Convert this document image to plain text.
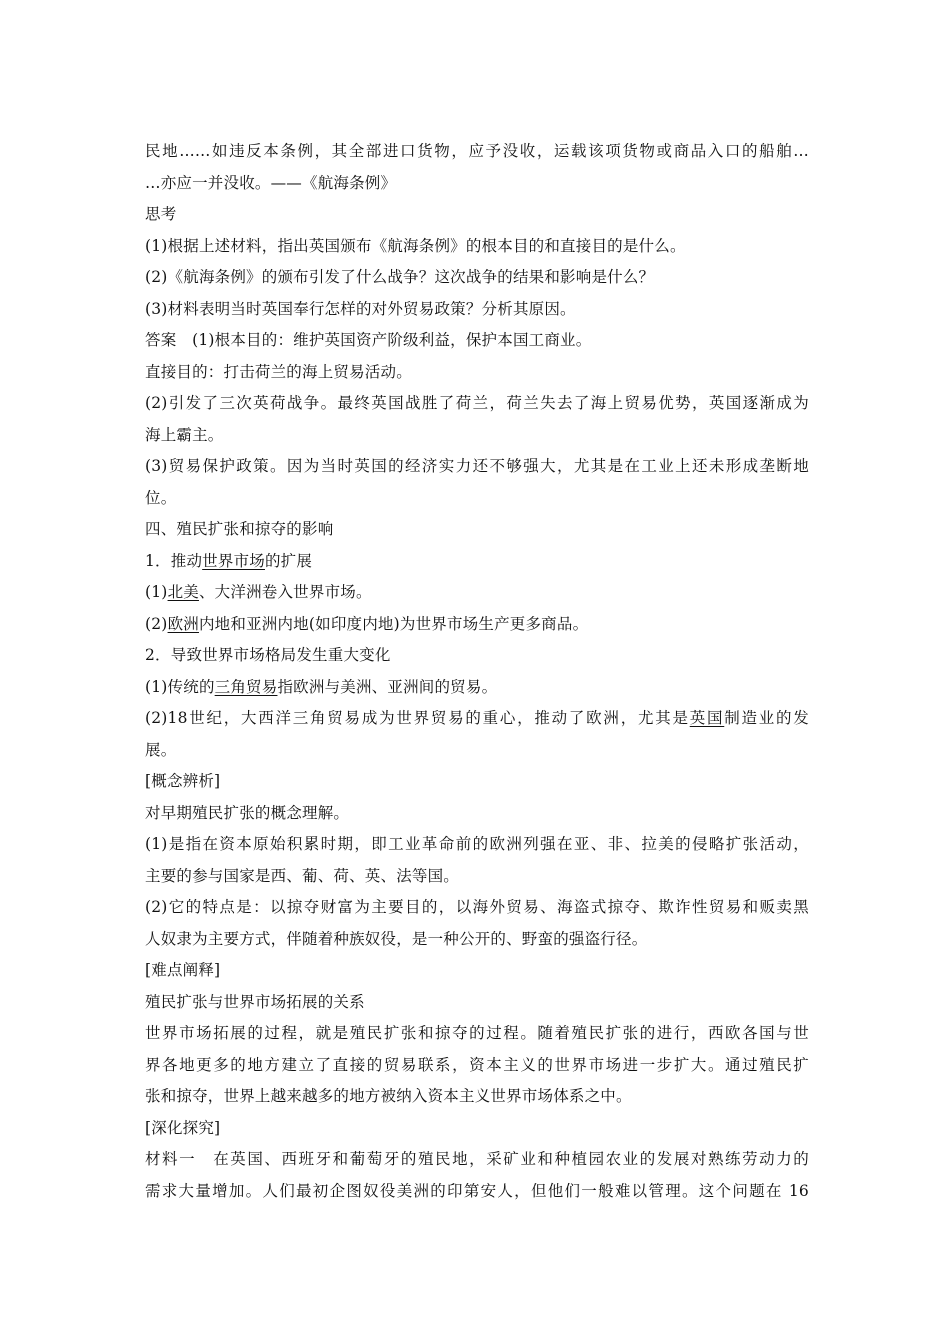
民地……如违反本条例，其全部进口货物，应予没收，运载该项货物或商品入口的船舶…
…亦应一并没收。——《航海条例》
思考
(1)根据上述材料，指出英国颁布《航海条例》的根本目的和直接目的是什么。
(2)《航海条例》的颁布引发了什么战争？这次战争的结果和影响是什么？
(3)材料表明当时英国奉行怎样的对外贸易政策？分析其原因。
答案　(1)根本目的：维护英国资产阶级利益，保护本国工商业。
直接目的：打击荷兰的海上贸易活动。
(2)引发了三次英荷战争。最终英国战胜了荷兰，荷兰失去了海上贸易优势，英国逐渐成为
海上霸主。
(3)贸易保护政策。因为当时英国的经济实力还不够强大，尤其是在工业上还未形成垄断地
位。
四、殖民扩张和掠夺的影响
1．推动世界市场的扩展
(1)北美、大洋洲卷入世界市场。
(2)欧洲内地和亚洲内地(如印度内地)为世界市场生产更多商品。
2．导致世界市场格局发生重大变化
(1)传统的三角贸易指欧洲与美洲、亚洲间的贸易。
(2)18世纪，大西洋三角贸易成为世界贸易的重心，推动了欧洲，尤其是英国制造业的发
展。
[概念辨析]
对早期殖民扩张的概念理解。
(1)是指在资本原始积累时期，即工业革命前的欧洲列强在亚、非、拉美的侵略扩张活动，
主要的参与国家是西、葡、荷、英、法等国。
(2)它的特点是：以掠夺财富为主要目的，以海外贸易、海盗式掠夺、欺诈性贸易和贩卖黑
人奴隶为主要方式，伴随着种族奴役，是一种公开的、野蛮的强盗行径。
[难点阐释]
殖民扩张与世界市场拓展的关系
世界市场拓展的过程，就是殖民扩张和掠夺的过程。随着殖民扩张的进行，西欧各国与世
界各地更多的地方建立了直接的贸易联系，资本主义的世界市场进一步扩大。通过殖民扩
张和掠夺，世界上越来越多的地方被纳入资本主义世界市场体系之中。
[深化探究]
材料一　在英国、西班牙和葡萄牙的殖民地，采矿业和种植园农业的发展对熟练劳动力的
需求大量增加。人们最初企图奴役美洲的印第安人，但他们一般难以管理。这个问题在 16
